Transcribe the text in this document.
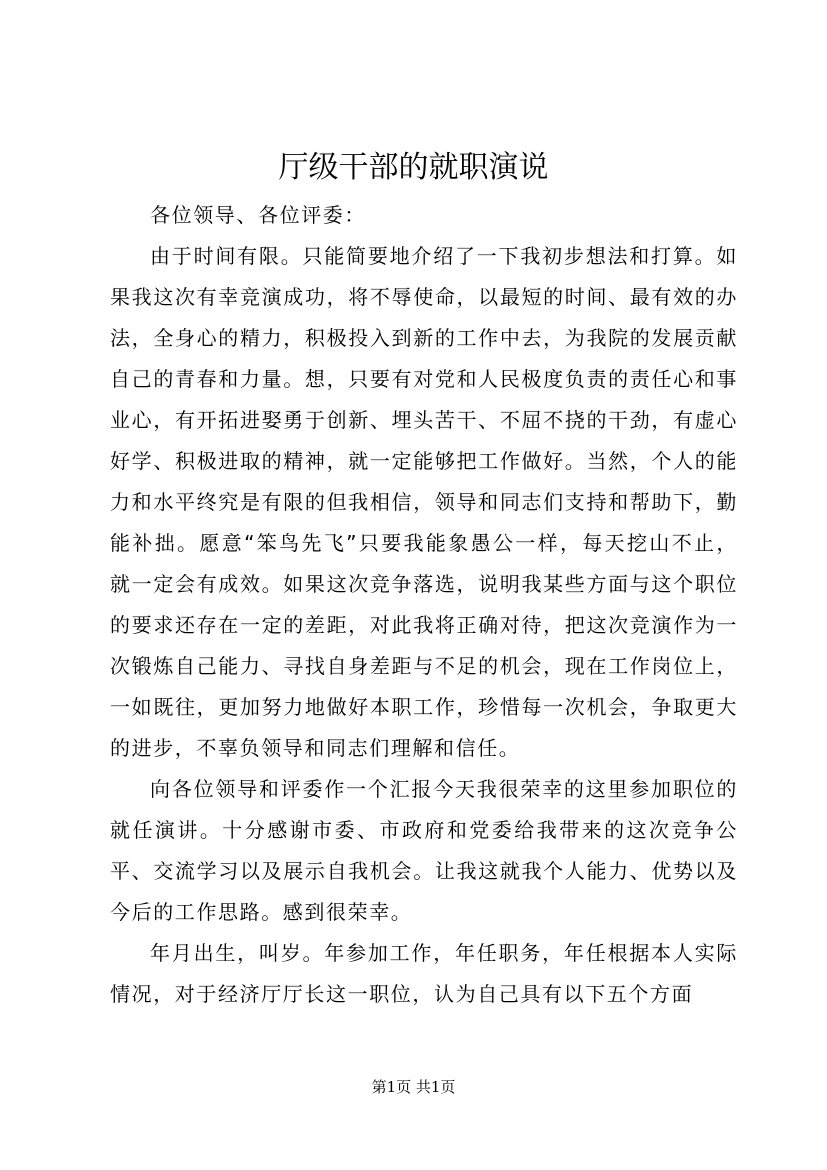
厅级干部的就职演说

各位领导、各位评委：

由于时间有限。只能简要地介绍了一下我初步想法和打算。如果我这次有幸竞演成功，将不辱使命，以最短的时间、最有效的办法，全身心的精力，积极投入到新的工作中去，为我院的发展贡献自己的青春和力量。想，只要有对党和人民极度负责的责任心和事业心，有开拓进娶勇于创新、埋头苦干、不屈不挠的干劲，有虚心好学、积极进取的精神，就一定能够把工作做好。当然，个人的能力和水平终究是有限的但我相信，领导和同志们支持和帮助下，勤能补拙。愿意“笨鸟先飞”只要我能象愚公一样，每天挖山不止，就一定会有成效。如果这次竞争落选，说明我某些方面与这个职位的要求还存在一定的差距，对此我将正确对待，把这次竞演作为一次锻炼自己能力、寻找自身差距与不足的机会，现在工作岗位上，一如既往，更加努力地做好本职工作，珍惜每一次机会，争取更大的进步，不辜负领导和同志们理解和信任。

向各位领导和评委作一个汇报今天我很荣幸的这里参加职位的就任演讲。十分感谢市委、市政府和党委给我带来的这次竞争公平、交流学习以及展示自我机会。让我这就我个人能力、优势以及今后的工作思路。感到很荣幸。

年月出生，叫岁。年参加工作，年任职务，年任根据本人实际情况，对于经济厅厅长这一职位，认为自己具有以下五个方面

第1页 共1页
